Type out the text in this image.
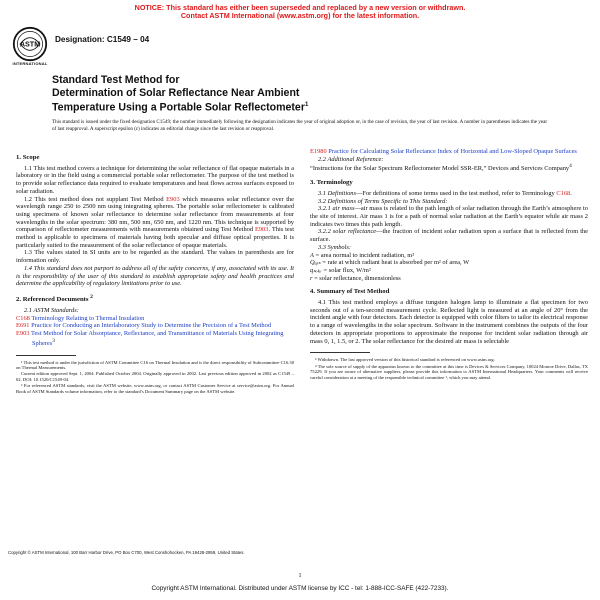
NOTICE: This standard has either been superseded and replaced by a new version or withdrawn.
Contact ASTM International (www.astm.org) for the latest information.
ASTM
INTERNATIONAL
Designation: C1549 – 04
Standard Test Method for
Determination of Solar Reflectance Near Ambient
Temperature Using a Portable Solar Reflectometer$^1$
This standard is issued under the fixed designation C1549; the number immediately following the designation indicates the year of original adoption or, in the case of revision, the year of last revision. A number in parentheses indicates the year of last reapproval. A superscript epsilon (ε) indicates an editorial change since the last revision or reapproval.
1. Scope

1.1 This test method covers a technique for determining the solar reflectance of flat opaque materials in a laboratory or in the field using a commercial portable solar reflectometer. The purpose of the test method is to provide solar reflectance data required to evaluate temperatures and heat flows across surfaces exposed to solar radiation.

1.2 This test method does not supplant Test Method E903 which measures solar reflectance over the wavelength range 250 to 2500 nm using integrating spheres. The portable solar reflectometer is calibrated using specimens of known solar reflectance to determine solar reflectance from measurements at four wavelengths in the solar spectrum: 380 nm, 500 nm, 650 nm, and 1220 nm. This technique is supported by comparison of reflectometer measurements with measurements obtained using Test Method E903. This test method is applicable to specimens of materials having both specular and diffuse optical properties. It is particularly suited to the measurement of the solar reflectance of opaque materials.

1.3 The values stated in SI units are to be regarded as the standard. The values in parenthesis are for information only.

1.4 This standard does not purport to address all of the safety concerns, if any, associated with its use. It is the responsibility of the user of this standard to establish appropriate safety and health practices and determine the applicability of regulatory limitations prior to use.

2. Referenced Documents $^2$

2.1 ASTM Standards:

C168 Terminology Relating to Thermal Insulation
E691 Practice for Conducting an Interlaboratory Study to Determine the Precision of a Test Method
E903 Test Method for Solar Absorptance, Reflectance, and Transmittance of Materials Using Integrating Spheres$^3$

¹ This test method is under the jurisdiction of ASTM Committee C16 on Thermal Insulation and is the direct responsibility of Subcommittee C16.30 on Thermal Measurements.

Current edition approved Sept. 1, 2004. Published October 2004. Originally approved in 2002. Last previous edition approved in 2002 as C1549 – 02. DOI: 10.1520/C1549-04.

² For referenced ASTM standards, visit the ASTM website, www.astm.org, or contact ASTM Customer Service at service@astm.org. For Annual Book of ASTM Standards volume information, refer to the standard’s Document Summary page on the ASTM website.

E1980 Practice for Calculating Solar Reflectance Index of Horizontal and Low-Sloped Opaque Surfaces

2.2 Additional Reference:

“Instructions for the Solar Spectrum Reflectometer Model SSR-ER,” Devices and Services Company$^4$

3. Terminology

3.1 Definitions—For definitions of some terms used in the test method, refer to Terminology C168.

3.2 Definitions of Terms Specific to This Standard:

3.2.1 air mass—air mass is related to the path length of solar radiation through the Earth’s atmosphere to the site of interest. Air mass 1 is for a path of normal solar radiation at the Earth’s equator while air mass 2 indicates two times this path length.

3.2.2 solar reflectance—the fraction of incident solar radiation upon a surface that is reflected from the surface.

3.3 Symbols:

A = area normal to incident radiation, m²

Qₐᵦₛ = rate at which radiant heat is absorbed per m² of area, W

qₛₒₗₐᵣ = solar flux, W/m²

r = solar reflectance, dimensionless

4. Summary of Test Method

4.1 This test method employs a diffuse tungsten halogen lamp to illuminate a flat specimen for two seconds out of a ten-second measurement cycle. Reflected light is measured at an angle of 20° from the incident angle with four detectors. Each detector is equipped with color filters to tailor its electrical response to a range of wavelengths in the solar spectrum. Software in the instrument combines the outputs of the four detectors in appropriate proportions to approximate the response for incident solar radiation through air mass 0, 1, 1.5, or 2. The solar reflectance for the desired air mass is selectable

³ Withdrawn. The last approved version of this historical standard is referenced on www.astm.org.

⁴ The sole source of supply of the apparatus known to the committee at this time is Devices & Services Company, 10024 Monroe Drive, Dallas, TX 75229. If you are aware of alternative suppliers, please provide this information to ASTM International Headquarters. Your comments will receive careful consideration at a meeting of the responsible technical committee ¹, which you may attend.

Copyright © ASTM International, 100 Barr Harbor Drive, PO Box C700, West Conshohocken, PA 19428-2959, United States.
1
Copyright ASTM International. Distributed under ASTM license by ICC - tel: 1-888-ICC-SAFE (422-7233).
